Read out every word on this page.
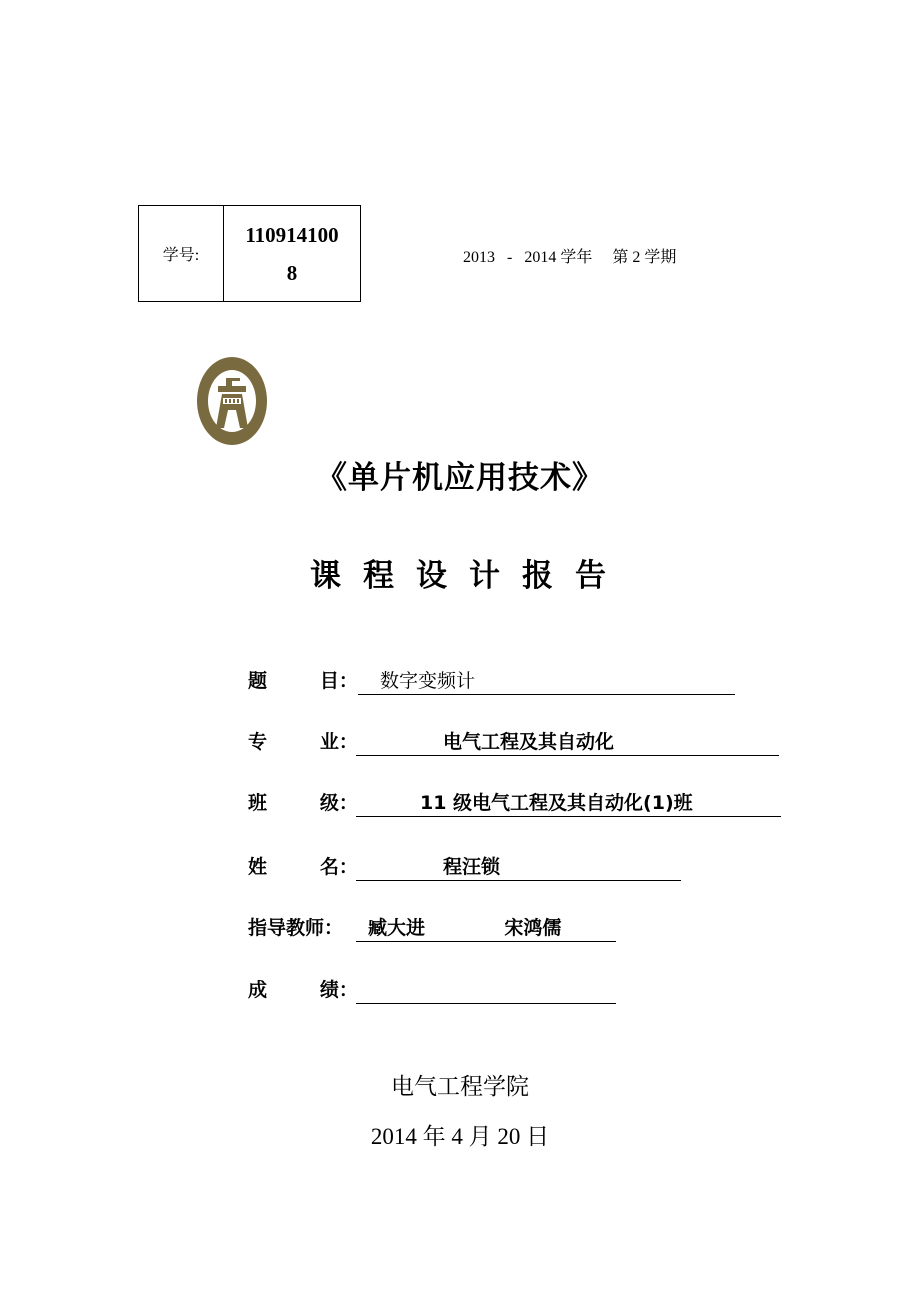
学号:
110914100
8
2013   -   2014 学年     第 2 学期
《单片机应用技术》
课程设计报告
题        目： 数字变频计
专        业：	电气工程及其自动化
班        级：	11 级电气工程及其自动化(1)班
姓        名：	程汪锁
指导教师： 臧大进            宋鸿儒
成        绩：
电气工程学院
2014 年 4 月 20 日
